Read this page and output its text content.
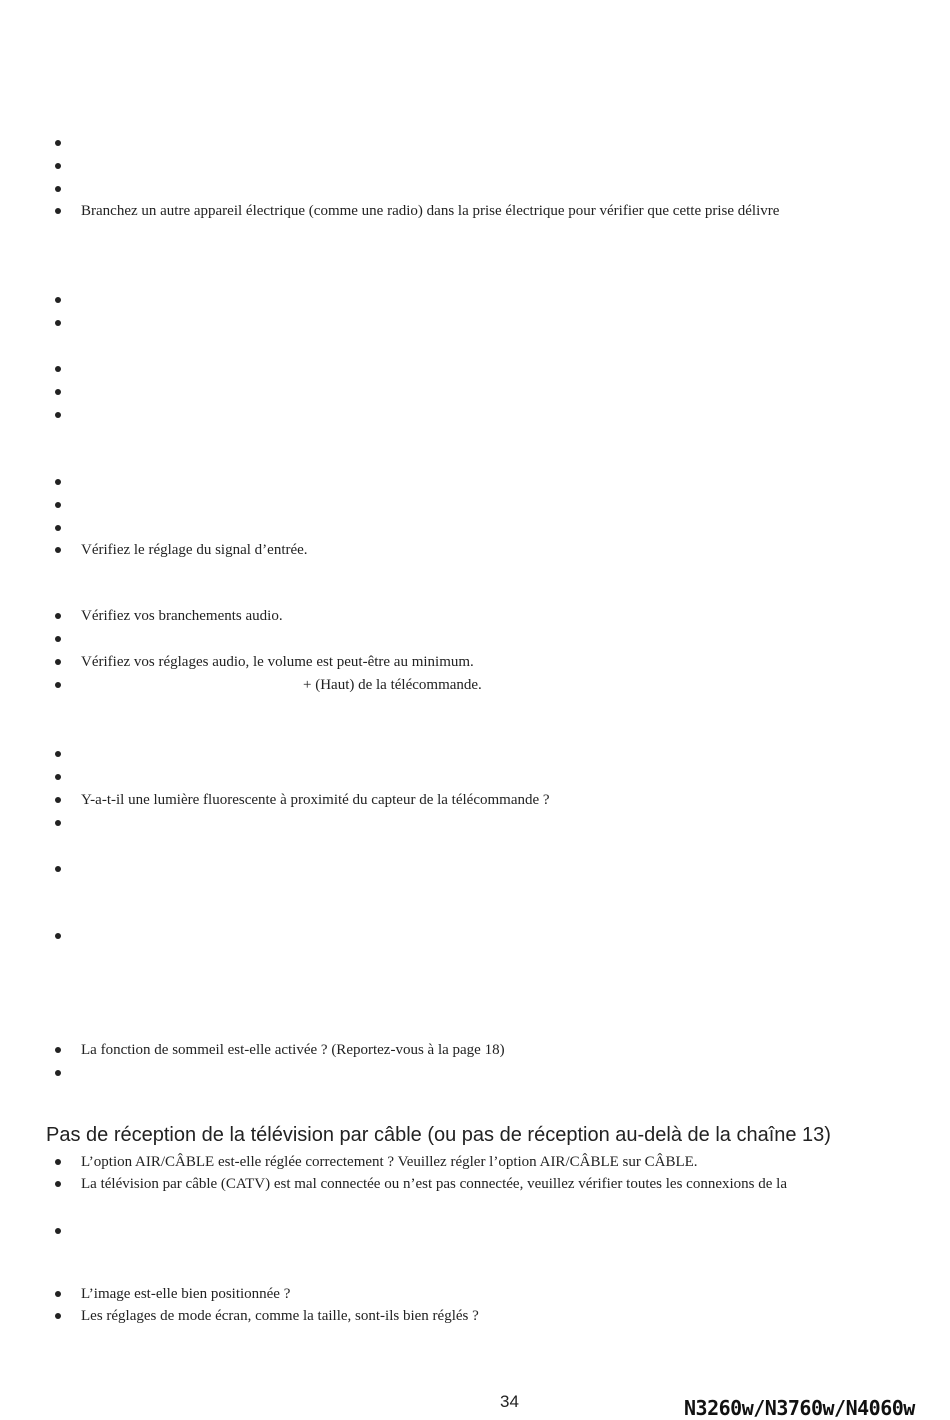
Branchez un autre appareil électrique (comme une radio) dans la prise électrique pour vérifier que cette prise délivre
Vérifiez le réglage du signal d’entrée.
Vérifiez vos branchements audio.
Vérifiez vos réglages audio, le volume est peut-être au minimum.
+ (Haut) de la télécommande.
Y-a-t-il une lumière fluorescente à proximité du capteur de la télécommande ?
La fonction de sommeil est-elle activée ? (Reportez-vous à la page 18)
L’option AIR/CÂBLE est-elle réglée correctement ? Veuillez régler l’option AIR/CÂBLE sur CÂBLE.
La télévision par câble (CATV) est mal connectée ou n’est pas connectée, veuillez vérifier toutes les connexions de la
L’image est-elle bien positionnée ?
Les réglages de mode écran, comme la taille, sont-ils bien réglés ?
Pas de réception de la télévision par câble (ou pas de réception au-delà de la chaîne 13)
34	N3260w/N3760w/N4060w
